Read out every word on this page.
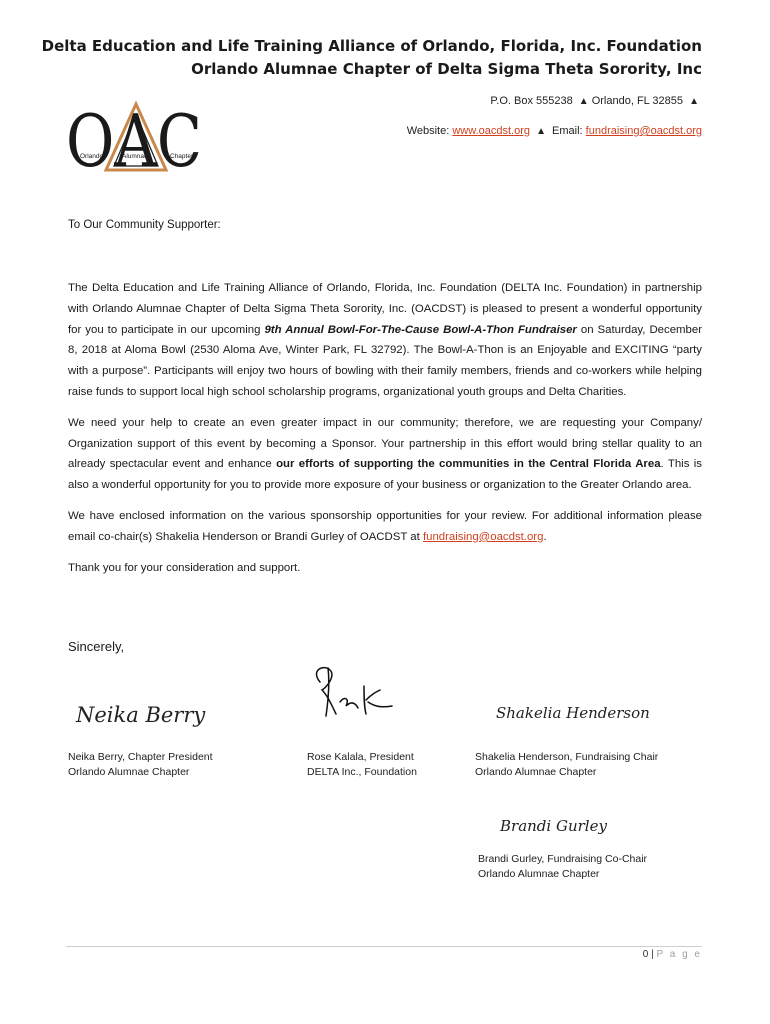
Delta Education and Life Training Alliance of Orlando, Florida, Inc. Foundation

Orlando Alumnae Chapter of Delta Sigma Theta Sorority, Inc

P.O. Box 555238 ▲ Orlando, FL 32855 ▲
Website: www.oacdst.org ▲ Email: fundraising@oacdst.org
OAC
Orlando	Alumnae	Chapter
To Our Community Supporter:

The Delta Education and Life Training Alliance of Orlando, Florida, Inc. Foundation (DELTA Inc. Foundation) in partnership with Orlando Alumnae Chapter of Delta Sigma Theta Sorority, Inc. (OACDST) is pleased to present a wonderful opportunity for you to participate in our upcoming 9th Annual Bowl-For-The-Cause Bowl-A-Thon Fundraiser on Saturday, December 8, 2018 at Aloma Bowl (2530 Aloma Ave, Winter Park, FL 32792). The Bowl-A-Thon is an Enjoyable and EXCITING “party with a purpose”. Participants will enjoy two hours of bowling with their family members, friends and co-workers while helping raise funds to support local high school scholarship programs, organizational youth groups and Delta Charities.

We need your help to create an even greater impact in our community; therefore, we are requesting your Company/ Organization support of this event by becoming a Sponsor. Your partnership in this effort would bring stellar quality to an already spectacular event and enhance our efforts of supporting the communities in the Central Florida Area. This is also a wonderful opportunity for you to provide more exposure of your business or organization to the Greater Orlando area.

We have enclosed information on the various sponsorship opportunities for your review. For additional information please email co-chair(s) Shakelia Henderson or Brandi Gurley of OACDST at fundraising@oacdst.org.

Thank you for your consideration and support.

Sincerely,
Neika Berry	Shakelia Henderson
Brandi Gurley
Neika Berry, Chapter President
Orlando Alumnae Chapter
Rose Kalala, President
DELTA Inc., Foundation
Shakelia Henderson, Fundraising Chair
Orlando Alumnae Chapter
Brandi Gurley, Fundraising Co-Chair
Orlando Alumnae Chapter
0 | P a g e
